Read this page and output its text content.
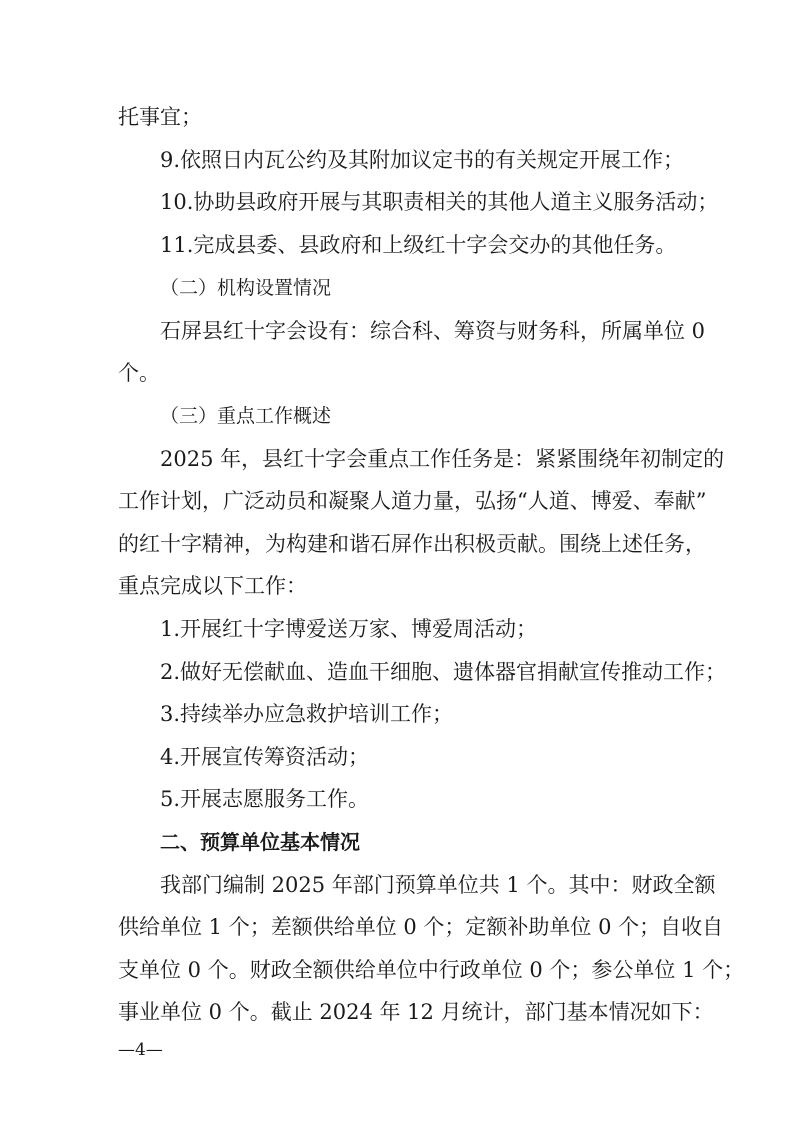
托事宜；

9.依照日内瓦公约及其附加议定书的有关规定开展工作；

10.协助县政府开展与其职责相关的其他人道主义服务活动；

11.完成县委、县政府和上级红十字会交办的其他任务。

（二）机构设置情况

石屏县红十字会设有：综合科、筹资与财务科，所属单位 0

个。

（三）重点工作概述

2025 年，县红十字会重点工作任务是：紧紧围绕年初制定的

工作计划，广泛动员和凝聚人道力量，弘扬“人道、博爱、奉献”

的红十字精神，为构建和谐石屏作出积极贡献。围绕上述任务，

重点完成以下工作：

1.开展红十字博爱送万家、博爱周活动；

2.做好无偿献血、造血干细胞、遗体器官捐献宣传推动工作；

3.持续举办应急救护培训工作；

4.开展宣传筹资活动；

5.开展志愿服务工作。

二、预算单位基本情况

我部门编制 2025 年部门预算单位共 1 个。其中：财政全额

供给单位 1 个；差额供给单位 0 个；定额补助单位 0 个；自收自

支单位 0 个。财政全额供给单位中行政单位 0 个；参公单位 1 个；

事业单位 0 个。截止 2024 年 12 月统计，部门基本情况如下：

—4—
